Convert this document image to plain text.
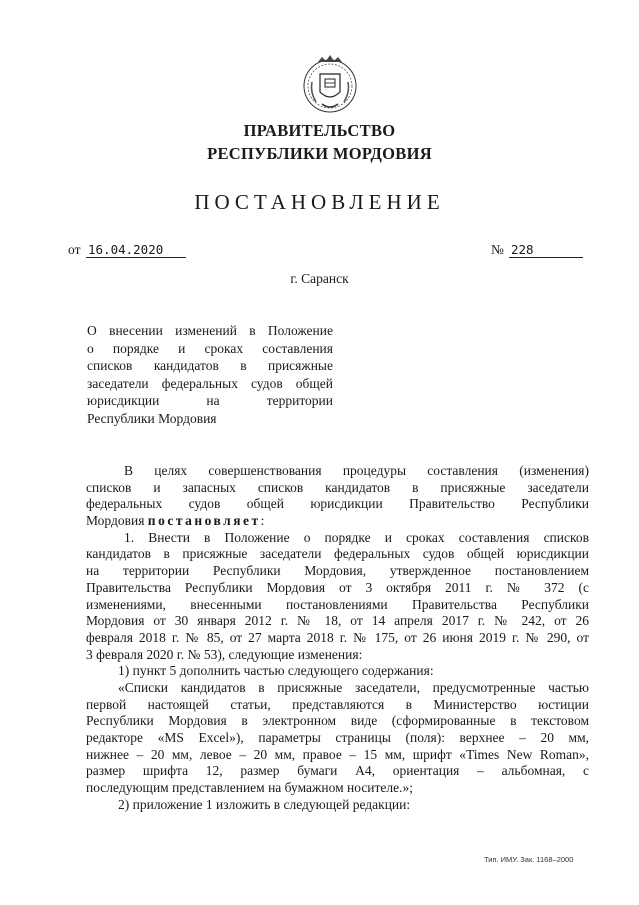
ПРАВИТЕЛЬСТВО
РЕСПУБЛИКИ МОРДОВИЯ
ПОСТАНОВЛЕНИЕ
от 16.04.2020	№ 228
г. Саранск
О внесении изменений в Положение
о порядке и сроках составления
списков кандидатов в присяжные
заседатели федеральных судов общей
юрисдикции на территории
Республики Мордовия
В целях совершенствования процедуры составления (изменения)
списков и запасных списков кандидатов в присяжные заседатели
федеральных судов общей юрисдикции Правительство Республики
Мордовия постановляет:
1. Внести в Положение о порядке и сроках составления списков
кандидатов в присяжные заседатели федеральных судов общей юрисдикции
на территории Республики Мордовия, утвержденное постановлением
Правительства Республики Мордовия от 3 октября 2011 г. № 372 (с
изменениями, внесенными постановлениями Правительства Республики
Мордовия от 30 января 2012 г. № 18, от 14 апреля 2017 г. № 242, от 26
февраля 2018 г. № 85, от 27 марта 2018 г. № 175, от 26 июня 2019 г. № 290, от
3 февраля 2020 г. № 53), следующие изменения:
1) пункт 5 дополнить частью следующего содержания:
«Списки кандидатов в присяжные заседатели, предусмотренные частью
первой настоящей статьи, представляются в Министерство юстиции
Республики Мордовия в электронном виде (сформированные в текстовом
редакторе «MS Excel»), параметры страницы (поля): верхнее – 20 мм,
нижнее – 20 мм, левое – 20 мм, правое – 15 мм, шрифт «Times New Roman»,
размер шрифта 12, размер бумаги А4, ориентация – альбомная, с
последующим представлением на бумажном носителе.»;
2) приложение 1 изложить в следующей редакции:
Тип. ИМУ. Зак. 1168–2000
